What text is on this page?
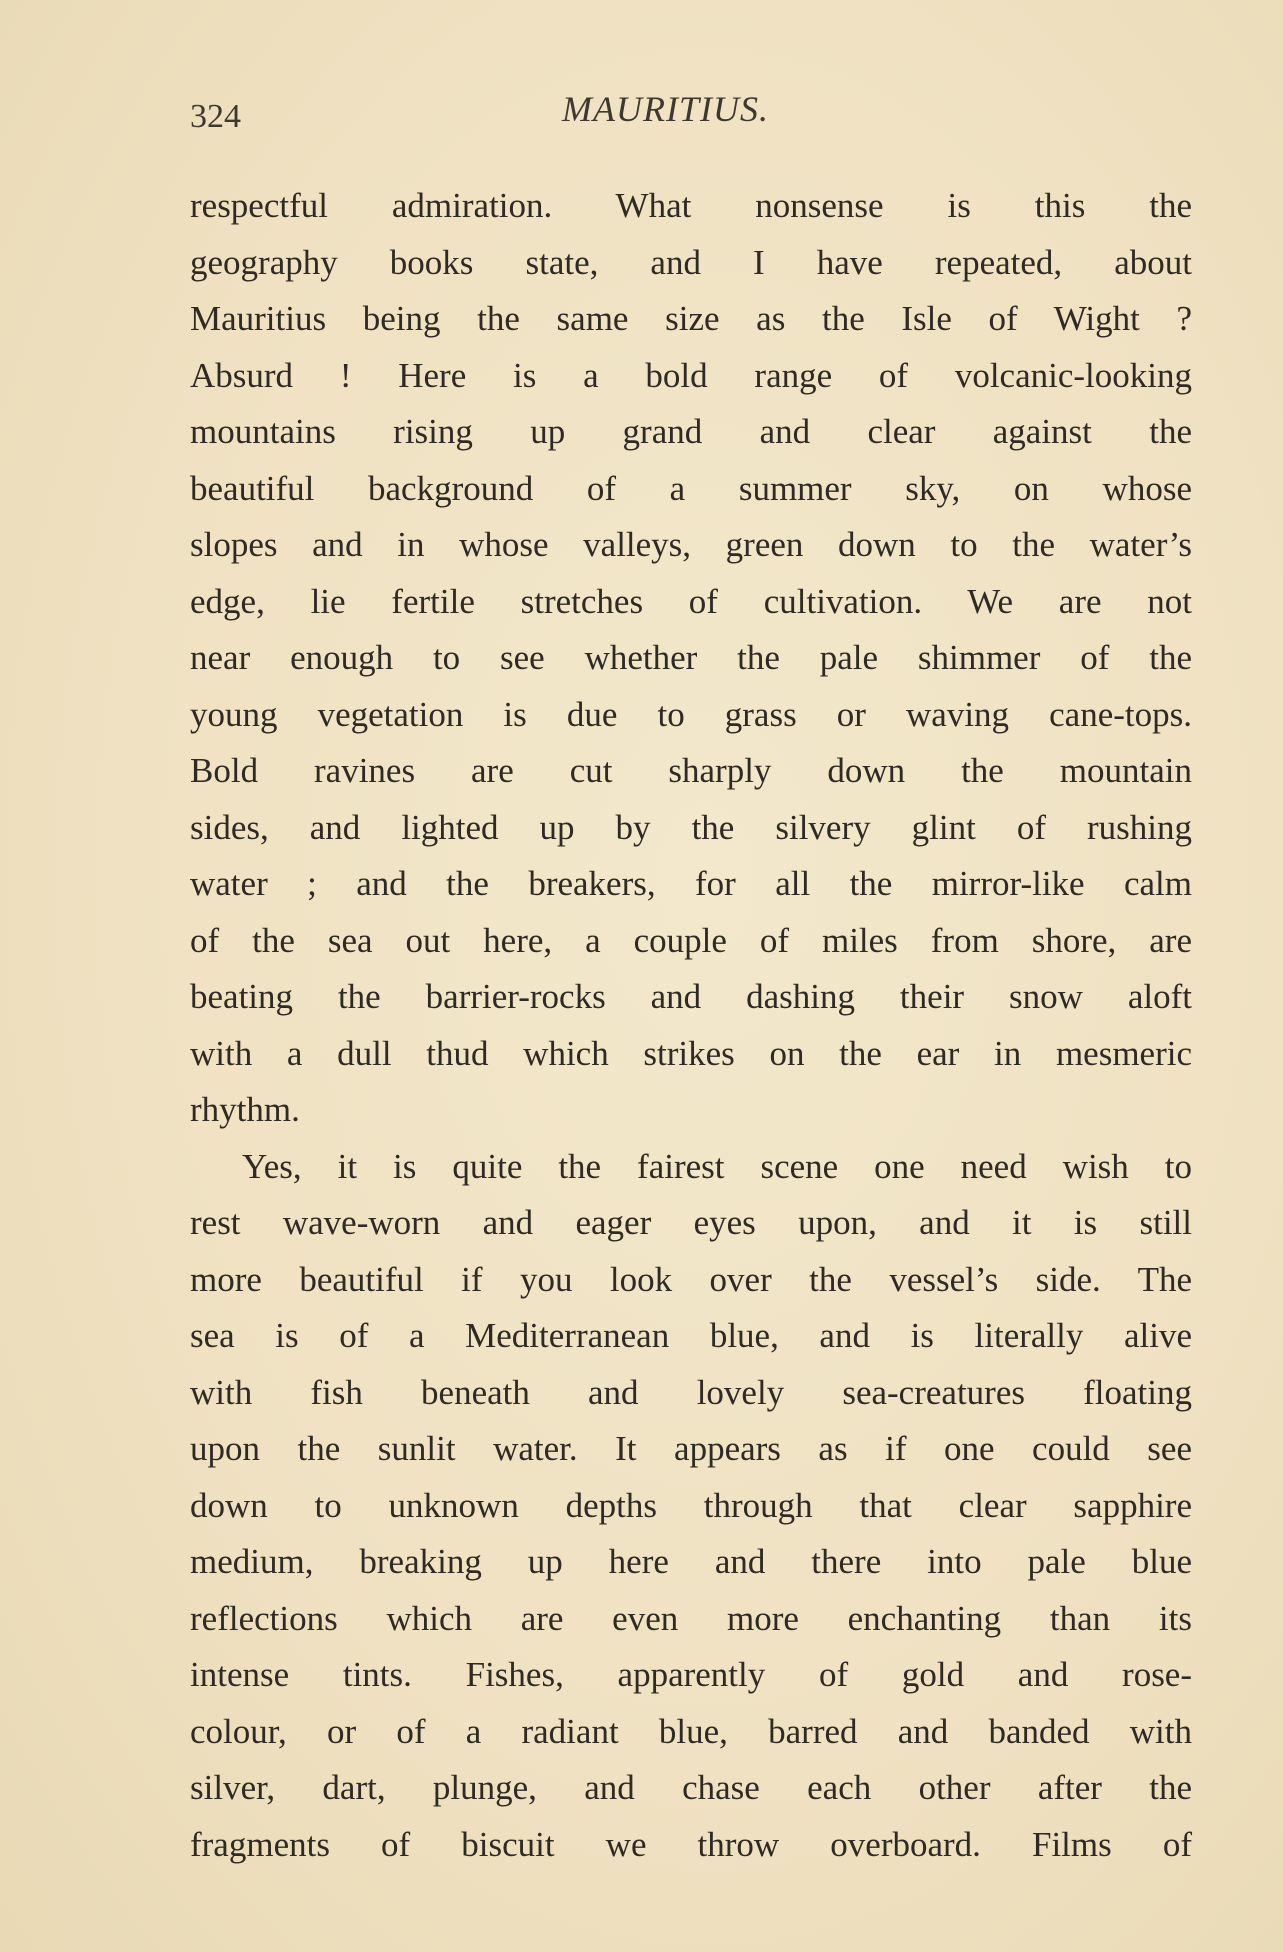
324	MAURITIUS.
respectful admiration. What nonsense is this the
geography books state, and I have repeated, about
Mauritius being the same size as the Isle of Wight ?
Absurd ! Here is a bold range of volcanic-looking
mountains rising up grand and clear against the
beautiful background of a summer sky, on whose
slopes and in whose valleys, green down to the water’s
edge, lie fertile stretches of cultivation. We are not
near enough to see whether the pale shimmer of the
young vegetation is due to grass or waving cane-tops.
Bold ravines are cut sharply down the mountain
sides, and lighted up by the silvery glint of rushing
water ; and the breakers, for all the mirror-like calm
of the sea out here, a couple of miles from shore, are
beating the barrier-rocks and dashing their snow aloft
with a dull thud which strikes on the ear in mesmeric
rhythm.
Yes, it is quite the fairest scene one need wish to
rest wave-worn and eager eyes upon, and it is still
more beautiful if you look over the vessel’s side. The
sea is of a Mediterranean blue, and is literally alive
with fish beneath and lovely sea-creatures floating
upon the sunlit water. It appears as if one could see
down to unknown depths through that clear sapphire
medium, breaking up here and there into pale blue
reflections which are even more enchanting than its
intense tints. Fishes, apparently of gold and rose-
colour, or of a radiant blue, barred and banded with
silver, dart, plunge, and chase each other after the
fragments of biscuit we throw overboard. Films of
